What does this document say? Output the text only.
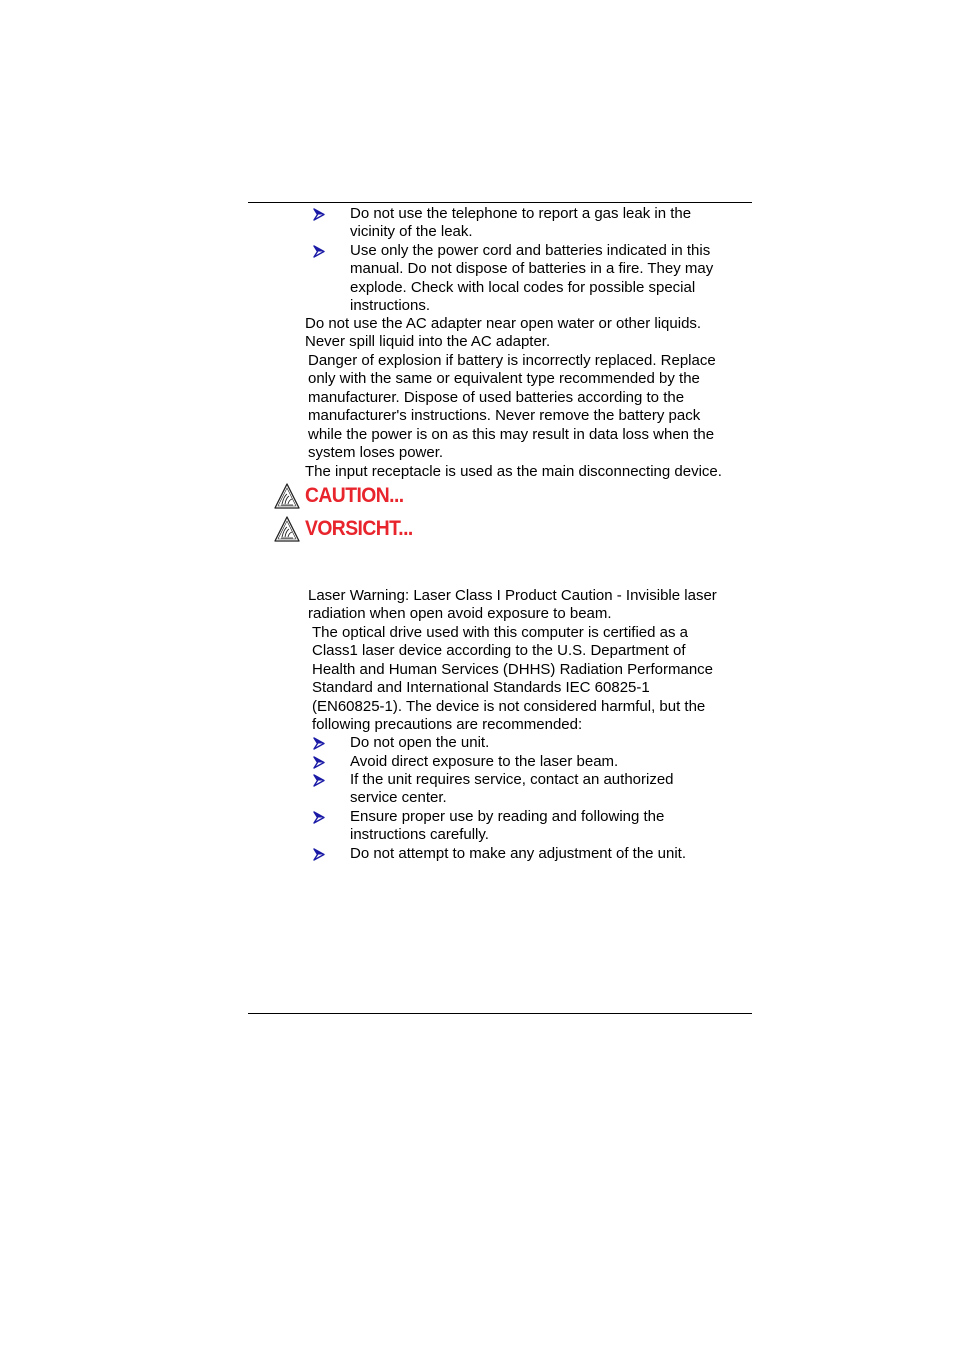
Do not use the telephone to report a gas leak in the
vicinity of the leak.
Use only the power cord and batteries indicated in this
manual. Do not dispose of batteries in a fire. They may
explode. Check with local codes for possible special
instructions.
Do not use the AC adapter near open water or other liquids.
Never spill liquid into the AC adapter.
Danger of explosion if battery is incorrectly replaced. Replace
only with the same or equivalent type recommended by the
manufacturer. Dispose of used batteries according to the
manufacturer's instructions. Never remove the battery pack
while the power is on as this may result in data loss when the
system loses power.
The input receptacle is used as the main disconnecting device.
CAUTION...
VORSICHT...
Laser Warning: Laser Class I Product Caution - Invisible laser
radiation when open avoid exposure to beam.
The optical drive used with this computer is certified as a
Class1 laser device according to the U.S. Department of
Health and Human Services (DHHS) Radiation Performance
Standard and International Standards IEC 60825-1
(EN60825-1). The device is not considered harmful, but the
following precautions are recommended:
Do not open the unit.
Avoid direct exposure to the laser beam.
If the unit requires service, contact an authorized
service center.
Ensure proper use by reading and following the
instructions carefully.
Do not attempt to make any adjustment of the unit.
